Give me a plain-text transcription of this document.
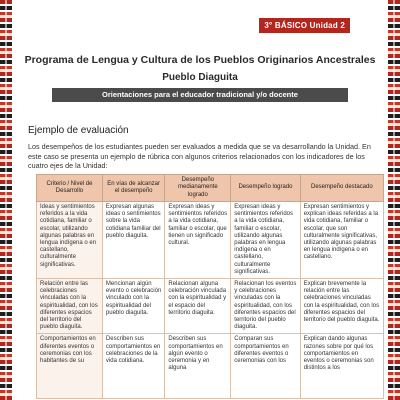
3° BÁSICO Unidad 2
Programa de Lengua y Cultura de los Pueblos Originarios Ancestrales
Pueblo Diaguita
Orientaciones para el educador tradicional y/o docente
Ejemplo de evaluación
Los desempeños de los estudiantes pueden ser evaluados a medida que se va desarrollando la Unidad. En este caso se presenta un ejemplo de rúbrica con algunos criterios relacionados con los indicadores de los cuatro ejes de la Unidad:
Criterio / Nivel de Desarrollo	En vías de alcanzar el desempeño	Desempeño medianamente logrado	Desempeño logrado	Desempeño destacado
Ideas y sentimientos referidos a la vida cotidiana, familiar o escolar, utilizando algunas palabras en lengua indígena o en castellano, culturalmente significativas.	Expresan algunas ideas o sentimientos sobre la vida cotidiana familiar del pueblo diaguita.	Expresan ideas y sentimientos referidos a la vida cotidiana, familiar o escolar, que tienen un significado cultural.	Expresan ideas y sentimientos referidos a la vida cotidiana, familiar o escolar, utilizando algunas palabras en lengua indígena o en castellano, culturalmente significativas.	Expresan sentimientos y explican ideas referidas a la vida cotidiana, familiar o escolar, que son culturalmente significativas, utilizando algunas palabras en lengua indígena o en castellano.
Relación entre las celebraciones vinculadas con la espiritualidad, con los diferentes espacios del territorio del pueblo diaguita.	Mencionan algún evento o celebración vinculado con la espiritualidad del pueblo diaguita.	Relacionan alguna celebración vinculada con la espiritualidad y el espacio del territorio diaguita.	Relacionan los eventos y celebraciones vinculadas con la espiritualidad, con los diferentes espacios del territorio del pueblo diaguita.	Explican brevemente la relación entre las celebraciones vinculadas con la espiritualidad, con los diferentes espacios del territorio del pueblo diaguita.
Comportamientos en diferentes eventos o ceremonias con los habitantes de su	Describen sus comportamientos en celebraciones de la vida cotidiana.	Describen sus comportamientos en algún evento o ceremonia y en alguna	Comparan sus comportamientos en diferentes eventos o ceremonias con los	Explican dando algunas razones sobre por qué los comportamientos en eventos o ceremonias son distintos a los
